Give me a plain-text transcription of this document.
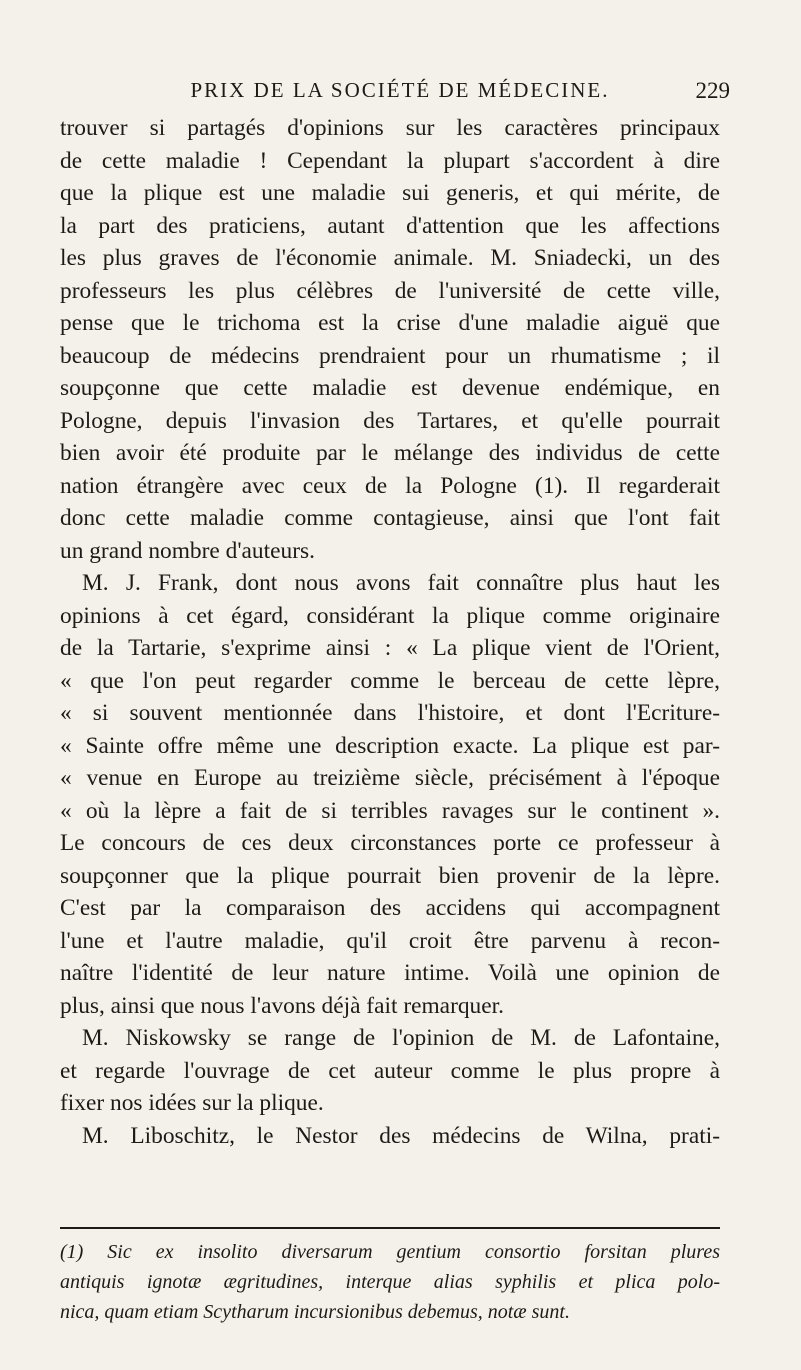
PRIX DE LA SOCIÉTÉ DE MÉDECINE.	229
trouver si partagés d'opinions sur les caractères principaux
de cette maladie ! Cependant la plupart s'accordent à dire
que la plique est une maladie sui generis, et qui mérite, de
la part des praticiens, autant d'attention que les affections
les plus graves de l'économie animale. M. Sniadecki, un des
professeurs les plus célèbres de l'université de cette ville,
pense que le trichoma est la crise d'une maladie aiguë que
beaucoup de médecins prendraient pour un rhumatisme ; il
soupçonne que cette maladie est devenue endémique, en
Pologne, depuis l'invasion des Tartares, et qu'elle pourrait
bien avoir été produite par le mélange des individus de cette
nation étrangère avec ceux de la Pologne (1). Il regarderait
donc cette maladie comme contagieuse, ainsi que l'ont fait
un grand nombre d'auteurs.
M. J. Frank, dont nous avons fait connaître plus haut les
opinions à cet égard, considérant la plique comme originaire
de la Tartarie, s'exprime ainsi : « La plique vient de l'Orient,
« que l'on peut regarder comme le berceau de cette lèpre,
« si souvent mentionnée dans l'histoire, et dont l'Ecriture-
« Sainte offre même une description exacte. La plique est par-
« venue en Europe au treizième siècle, précisément à l'époque
« où la lèpre a fait de si terribles ravages sur le continent ».
Le concours de ces deux circonstances porte ce professeur à
soupçonner que la plique pourrait bien provenir de la lèpre.
C'est par la comparaison des accidens qui accompagnent
l'une et l'autre maladie, qu'il croit être parvenu à recon-
naître l'identité de leur nature intime. Voilà une opinion de
plus, ainsi que nous l'avons déjà fait remarquer.
M. Niskowsky se range de l'opinion de M. de Lafontaine,
et regarde l'ouvrage de cet auteur comme le plus propre à
fixer nos idées sur la plique.
M. Liboschitz, le Nestor des médecins de Wilna, prati-
(1) Sic ex insolito diversarum gentium consortio forsitan plures
antiquis ignotæ ægritudines, interque alias syphilis et plica polo-
nica, quam etiam Scytharum incursionibus debemus, notæ sunt.
